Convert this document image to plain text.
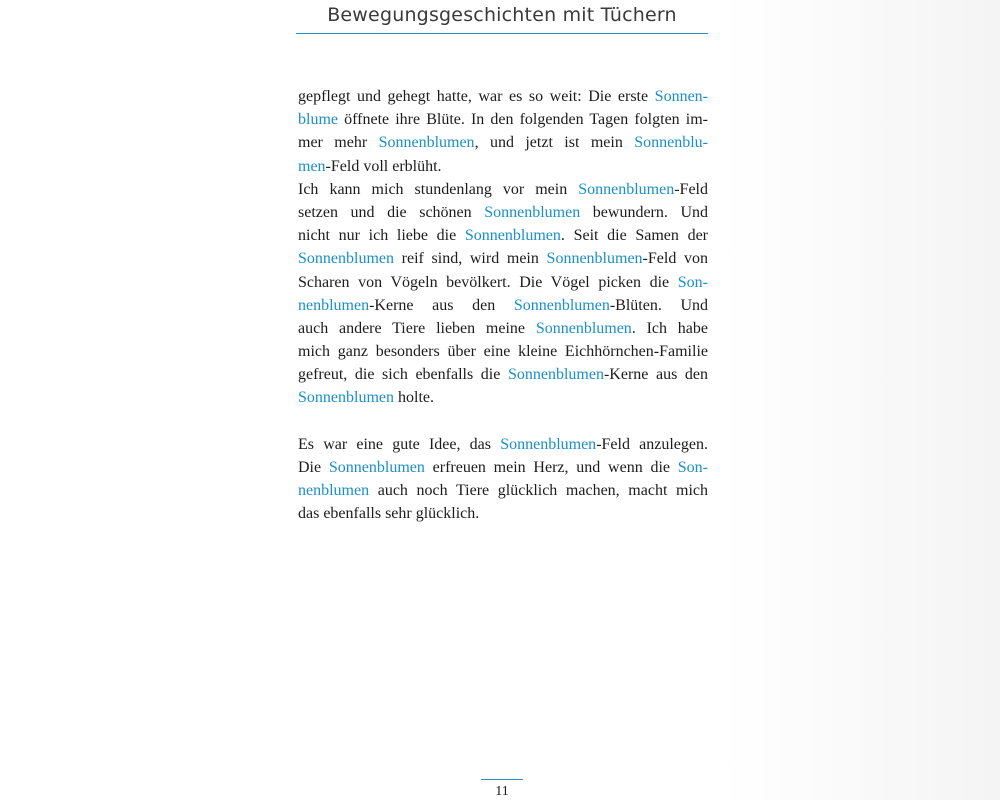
Bewegungsgeschichten mit Tüchern
gepflegt und gehegt hatte, war es so weit: Die erste Sonnen-
blume öffnete ihre Blüte. In den folgenden Tagen folgten im-
mer mehr Sonnenblumen, und jetzt ist mein Sonnenblu-
men-Feld voll erblüht.
Ich kann mich stundenlang vor mein Sonnenblumen-Feld
setzen und die schönen Sonnenblumen bewundern. Und
nicht nur ich liebe die Sonnenblumen. Seit die Samen der
Sonnenblumen reif sind, wird mein Sonnenblumen-Feld von
Scharen von Vögeln bevölkert. Die Vögel picken die Son-
nenblumen-Kerne aus den Sonnenblumen-Blüten. Und
auch andere Tiere lieben meine Sonnenblumen. Ich habe
mich ganz besonders über eine kleine Eichhörnchen-Familie
gefreut, die sich ebenfalls die Sonnenblumen-Kerne aus den
Sonnenblumen holte.
Es war eine gute Idee, das Sonnenblumen-Feld anzulegen.
Die Sonnenblumen erfreuen mein Herz, und wenn die Son-
nenblumen auch noch Tiere glücklich machen, macht mich
das ebenfalls sehr glücklich.
11
